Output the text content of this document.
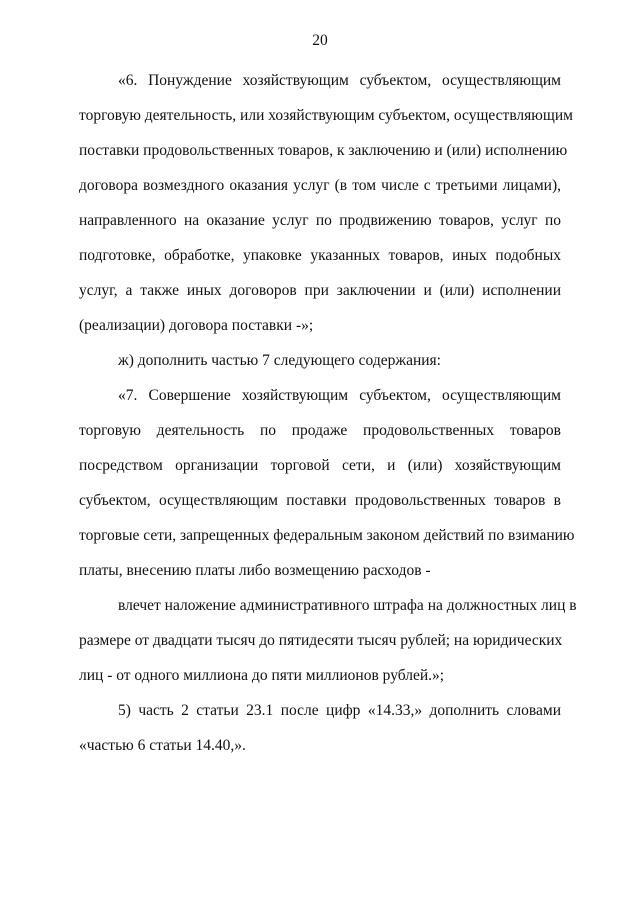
20
«6. Понуждение хозяйствующим субъектом, осуществляющим
торговую деятельность, или хозяйствующим субъектом, осуществляющим
поставки продовольственных товаров, к заключению и (или) исполнению
договора возмездного оказания услуг (в том числе с третьими лицами),
направленного на оказание услуг по продвижению товаров, услуг по
подготовке, обработке, упаковке указанных товаров, иных подобных
услуг, а также иных договоров при заключении и (или) исполнении
(реализации) договора поставки -»;
ж) дополнить частью 7 следующего содержания:
«7. Совершение хозяйствующим субъектом, осуществляющим
торговую деятельность по продаже продовольственных товаров
посредством организации торговой сети, и (или) хозяйствующим
субъектом, осуществляющим поставки продовольственных товаров в
торговые сети, запрещенных федеральным законом действий по взиманию
платы, внесению платы либо возмещению расходов -
влечет наложение административного штрафа на должностных лиц в
размере от двадцати тысяч до пятидесяти тысяч рублей; на юридических
лиц - от одного миллиона до пяти миллионов рублей.»;
5) часть 2 статьи 23.1 после цифр «14.33,» дополнить словами
«частью 6 статьи 14.40,».
